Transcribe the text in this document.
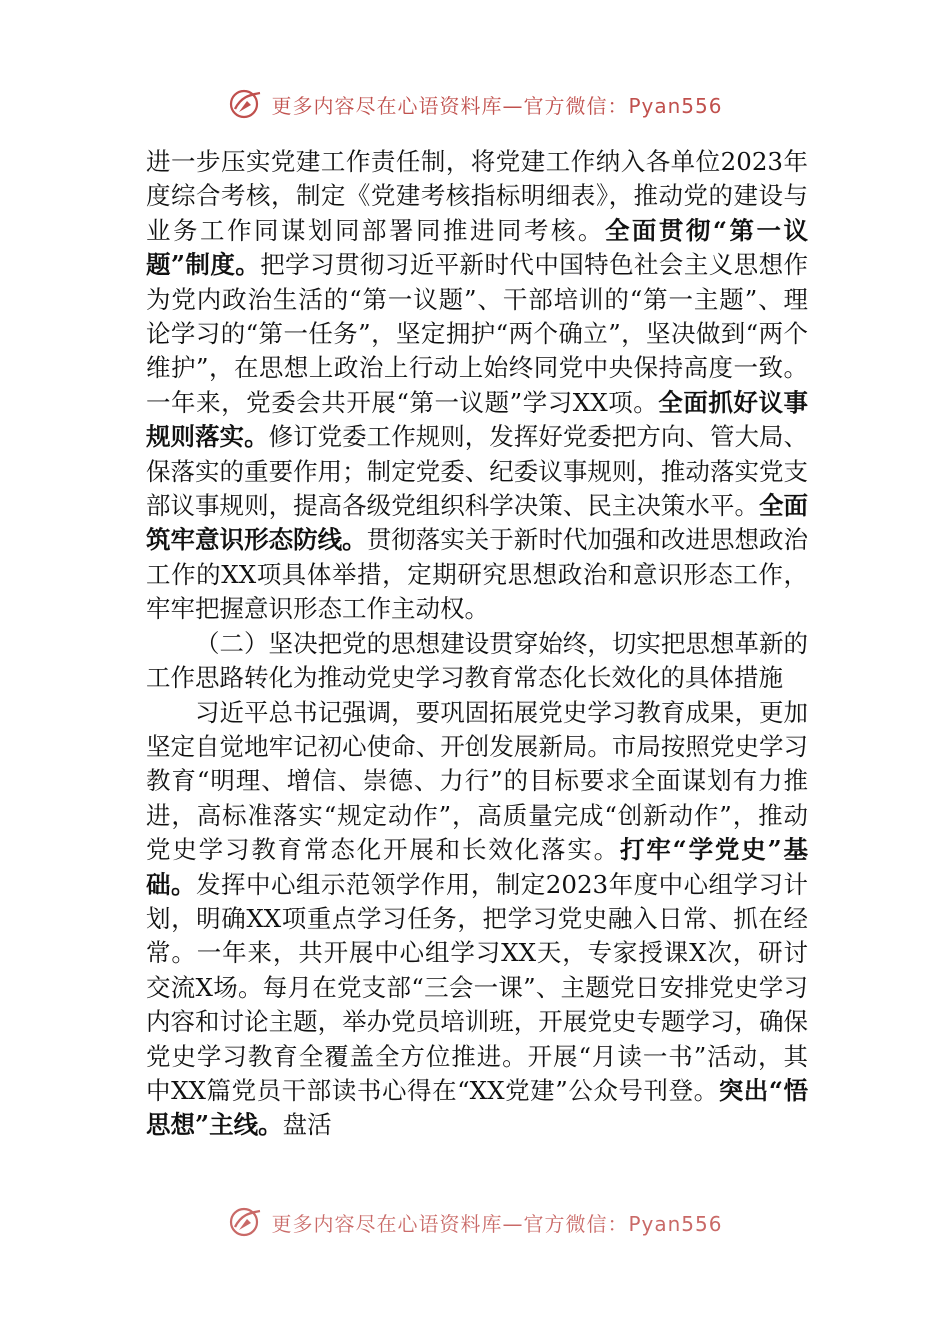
更多内容尽在心语资料库—官方微信：Pyan556

进一步压实党建工作责任制，将党建工作纳入各单位2023年度综合考核，制定《党建考核指标明细表》，推动党的建设与业务工作同谋划同部署同推进同考核。全面贯彻“第一议题”制度。把学习贯彻习近平新时代中国特色社会主义思想作为党内政治生活的“第一议题”、干部培训的“第一主题”、理论学习的“第一任务”，坚定拥护“两个确立”，坚决做到“两个维护”，在思想上政治上行动上始终同党中央保持高度一致。一年来，党委会共开展“第一议题”学习XX项。全面抓好议事规则落实。修订党委工作规则，发挥好党委把方向、管大局、保落实的重要作用；制定党委、纪委议事规则，推动落实党支部议事规则，提高各级党组织科学决策、民主决策水平。全面筑牢意识形态防线。贯彻落实关于新时代加强和改进思想政治工作的XX项具体举措，定期研究思想政治和意识形态工作，牢牢把握意识形态工作主动权。

（二）坚决把党的思想建设贯穿始终，切实把思想革新的工作思路转化为推动党史学习教育常态化长效化的具体措施

习近平总书记强调，要巩固拓展党史学习教育成果，更加坚定自觉地牢记初心使命、开创发展新局。市局按照党史学习教育“明理、增信、崇德、力行”的目标要求全面谋划有力推进，高标准落实“规定动作”，高质量完成“创新动作”，推动党史学习教育常态化开展和长效化落实。打牢“学党史”基础。发挥中心组示范领学作用，制定2023年度中心组学习计划，明确XX项重点学习任务，把学习党史融入日常、抓在经常。一年来，共开展中心组学习XX天，专家授课X次，研讨交流X场。每月在党支部“三会一课”、主题党日安排党史学习内容和讨论主题，举办党员培训班，开展党史专题学习，确保党史学习教育全覆盖全方位推进。开展“月读一书”活动，其中XX篇党员干部读书心得在“XX党建”公众号刊登。突出“悟思想”主线。盘活

更多内容尽在心语资料库—官方微信：Pyan556
